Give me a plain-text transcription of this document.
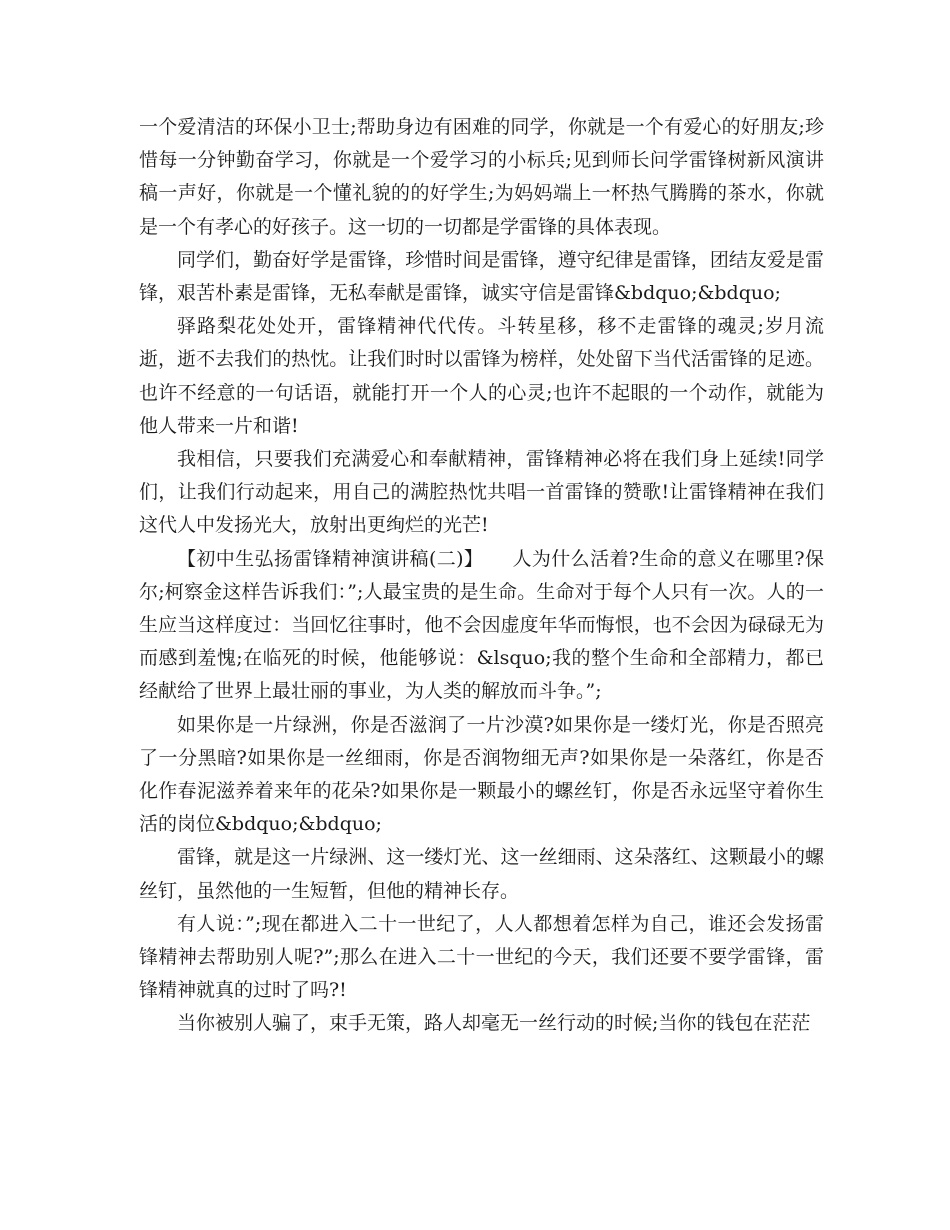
一个爱清洁的环保小卫士;帮助身边有困难的同学，你就是一个有爱心的好朋友;珍惜每一分钟勤奋学习，你就是一个爱学习的小标兵;见到师长问学雷锋树新风演讲稿一声好，你就是一个懂礼貌的的好学生;为妈妈端上一杯热气腾腾的茶水，你就是一个有孝心的好孩子。这一切的一切都是学雷锋的具体表现。

同学们，勤奋好学是雷锋，珍惜时间是雷锋，遵守纪律是雷锋，团结友爱是雷锋，艰苦朴素是雷锋，无私奉献是雷锋，诚实守信是雷锋&bdquo;&bdquo;

驿路梨花处处开，雷锋精神代代传。斗转星移，移不走雷锋的魂灵;岁月流逝，逝不去我们的热忱。让我们时时以雷锋为榜样，处处留下当代活雷锋的足迹。也许不经意的一句话语，就能打开一个人的心灵;也许不起眼的一个动作，就能为他人带来一片和谐!

我相信，只要我们充满爱心和奉献精神，雷锋精神必将在我们身上延续!同学们，让我们行动起来，用自己的满腔热忱共唱一首雷锋的赞歌!让雷锋精神在我们这代人中发扬光大，放射出更绚烂的光芒!

【初中生弘扬雷锋精神演讲稿(二)】　　人为什么活着?生命的意义在哪里?保尔;柯察金这样告诉我们：”;人最宝贵的是生命。生命对于每个人只有一次。人的一生应当这样度过：当回忆往事时，他不会因虚度年华而悔恨，也不会因为碌碌无为而感到羞愧;在临死的时候，他能够说：&lsquo;我的整个生命和全部精力，都已经献给了世界上最壮丽的事业，为人类的解放而斗争。”;

如果你是一片绿洲，你是否滋润了一片沙漠?如果你是一缕灯光，你是否照亮了一分黑暗?如果你是一丝细雨，你是否润物细无声?如果你是一朵落红，你是否化作春泥滋养着来年的花朵?如果你是一颗最小的螺丝钉，你是否永远坚守着你生活的岗位&bdquo;&bdquo;

雷锋，就是这一片绿洲、这一缕灯光、这一丝细雨、这朵落红、这颗最小的螺丝钉，虽然他的一生短暂，但他的精神长存。

有人说：”;现在都进入二十一世纪了，人人都想着怎样为自己，谁还会发扬雷锋精神去帮助别人呢?”;那么在进入二十一世纪的今天，我们还要不要学雷锋，雷锋精神就真的过时了吗?!

当你被别人骗了，束手无策，路人却毫无一丝行动的时候;当你的钱包在茫茫
